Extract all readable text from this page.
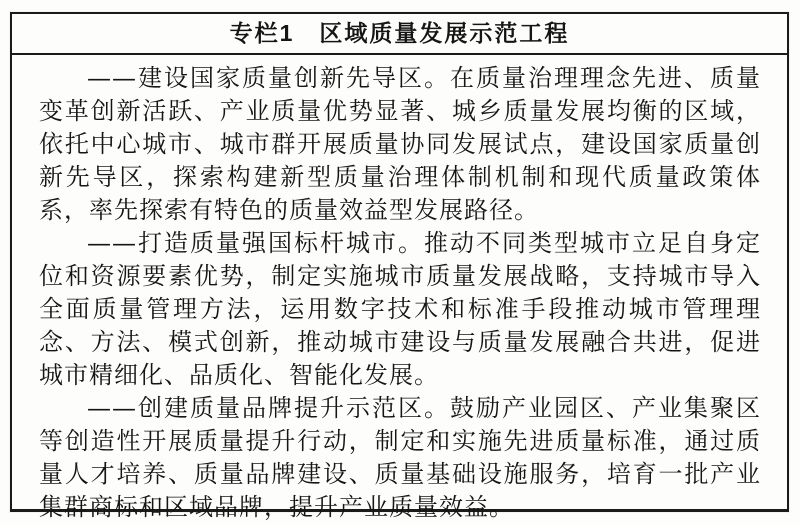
专栏1　区域质量发展示范工程

——建设国家质量创新先导区。在质量治理理念先进、质量变革创新活跃、产业质量优势显著、城乡质量发展均衡的区域，依托中心城市、城市群开展质量协同发展试点，建设国家质量创新先导区，探索构建新型质量治理体制机制和现代质量政策体系，率先探索有特色的质量效益型发展路径。

——打造质量强国标杆城市。推动不同类型城市立足自身定位和资源要素优势，制定实施城市质量发展战略，支持城市导入全面质量管理方法，运用数字技术和标准手段推动城市管理理念、方法、模式创新，推动城市建设与质量发展融合共进，促进城市精细化、品质化、智能化发展。

——创建质量品牌提升示范区。鼓励产业园区、产业集聚区等创造性开展质量提升行动，制定和实施先进质量标准，通过质量人才培养、质量品牌建设、质量基础设施服务，培育一批产业集群商标和区域品牌，提升产业质量效益。
